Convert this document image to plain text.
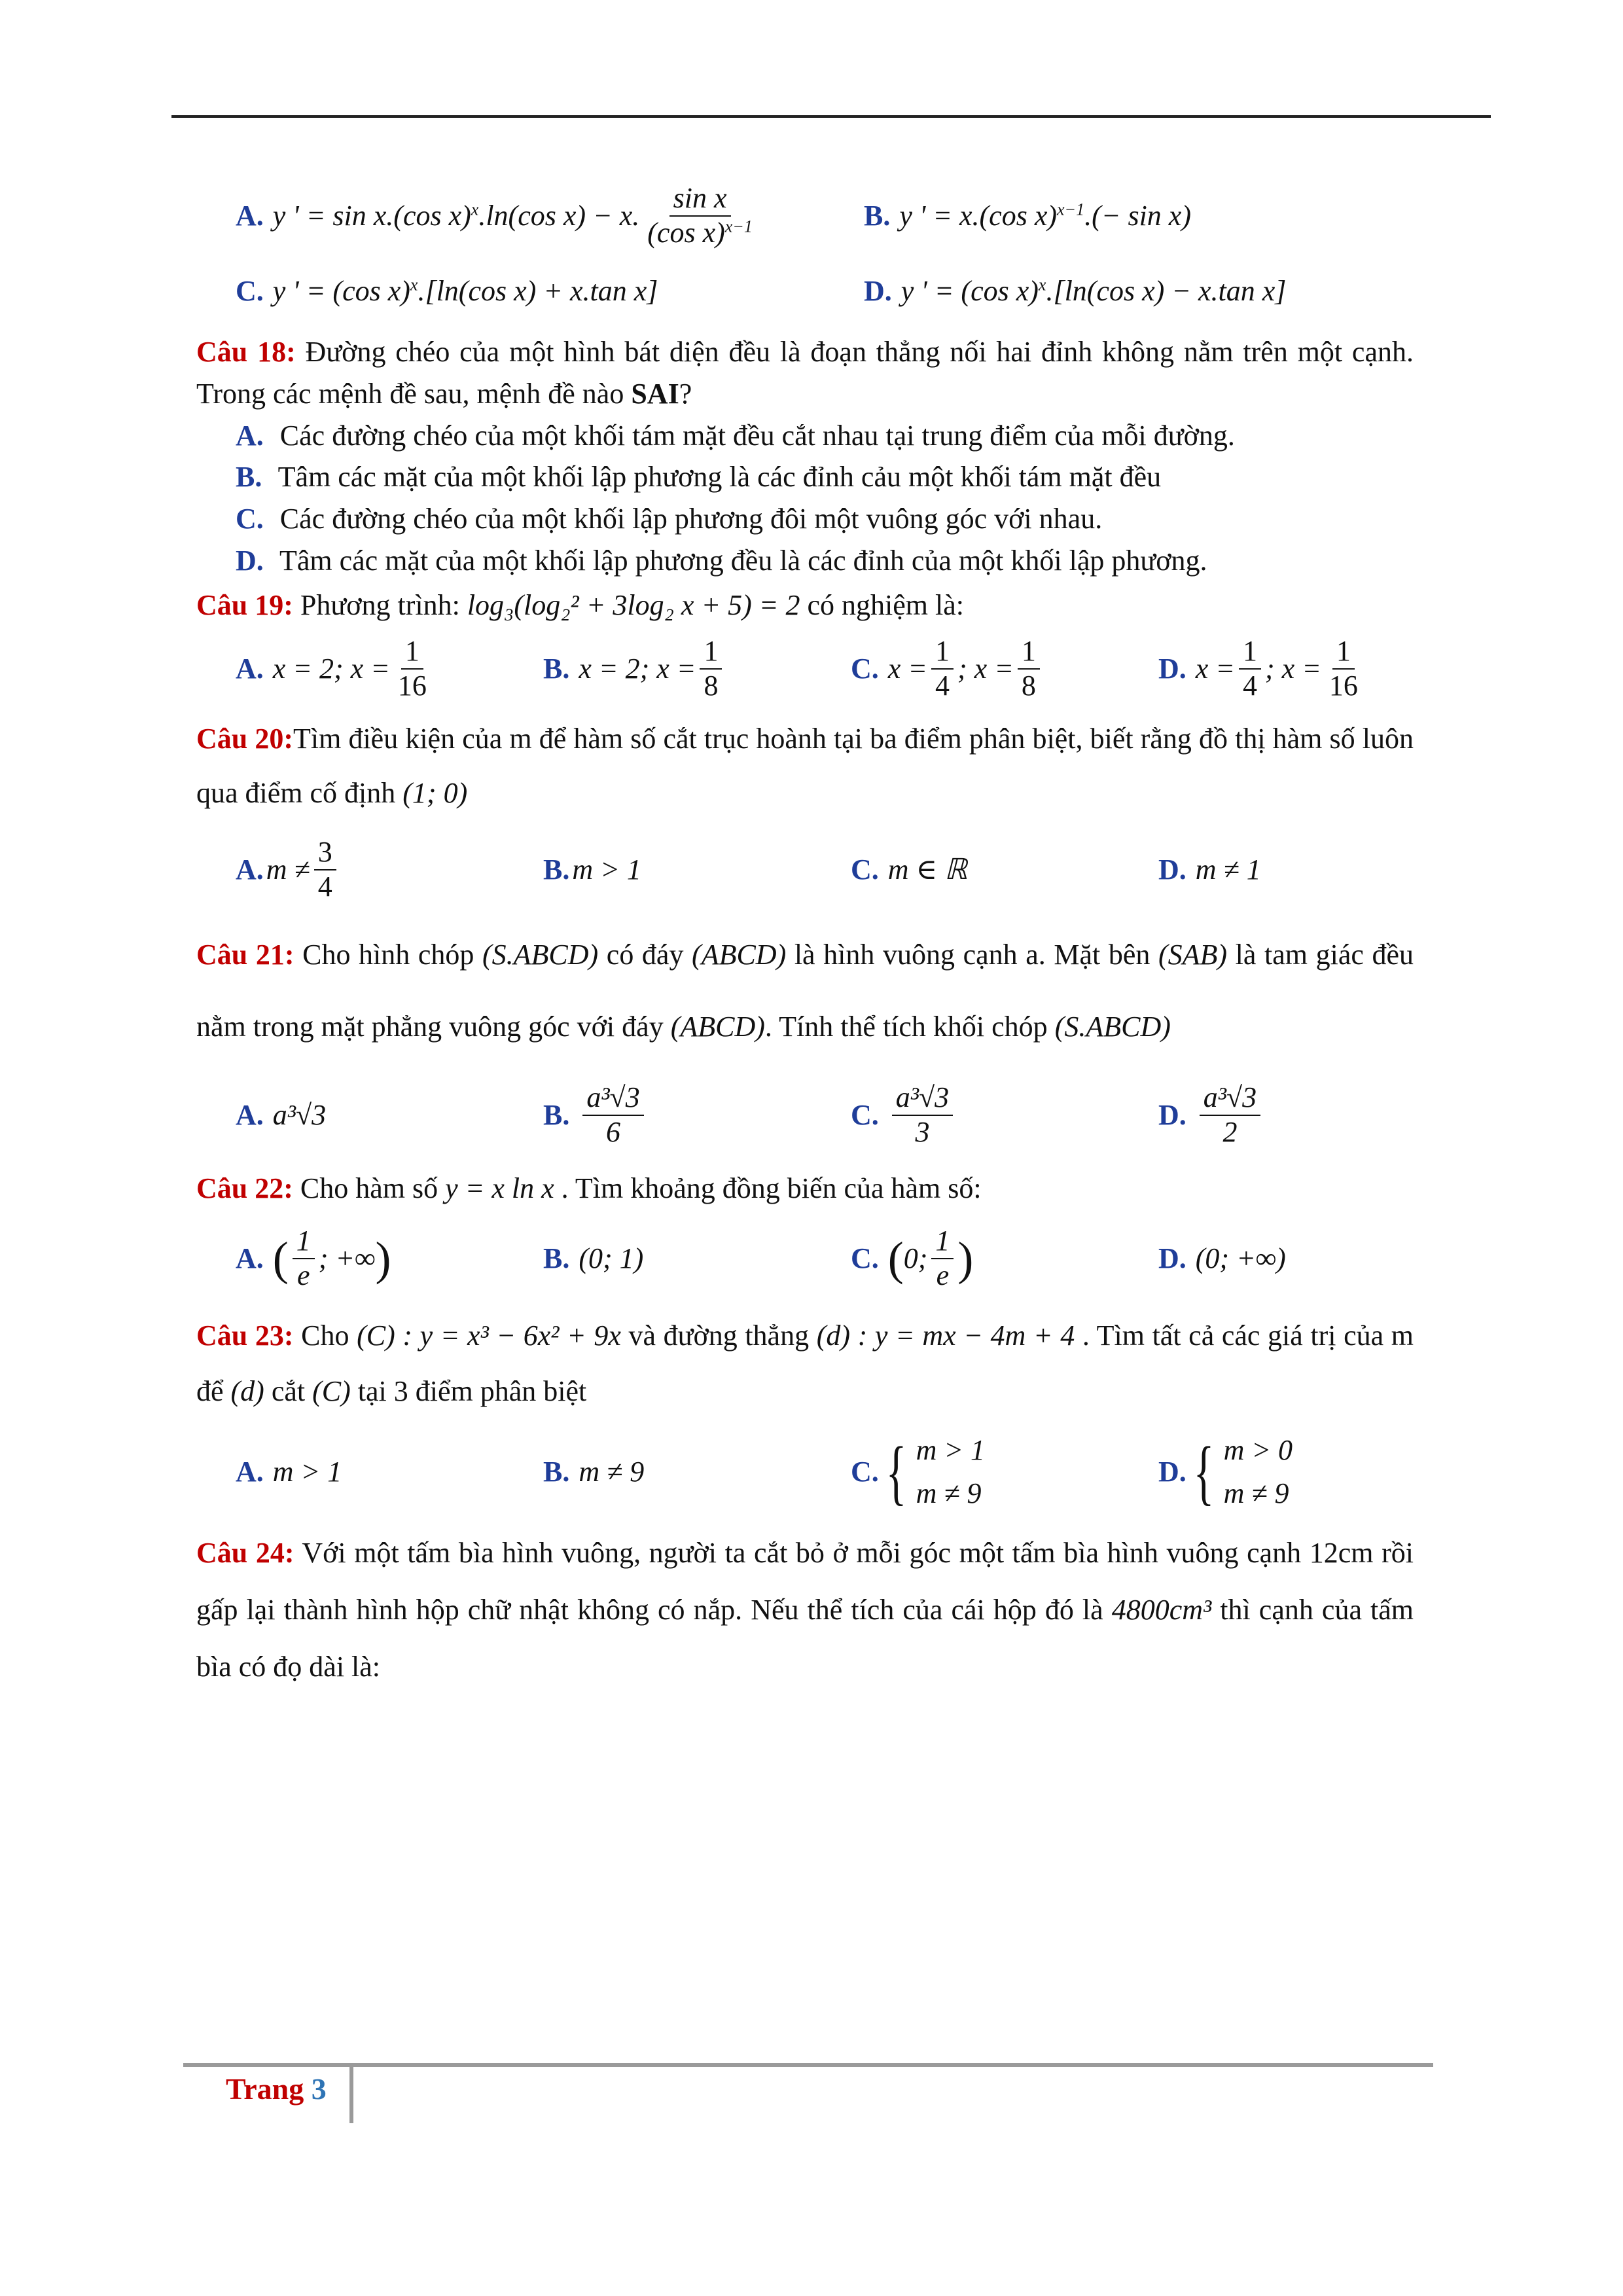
A. y ' = sin x.(cos x)$^x$.ln(cos x) − x. $\frac{\text{sin x}}{(\cos x)^{x-1}}$	B. y ' = x.(cos x)$^{x-1}$.(− sin x)
C. y ' = (cos x)$^x$.[ln(cos x) + x.tan x]	D. y ' = (cos x)$^x$.[ln(cos x) − x.tan x]

Câu 18: Đường chéo của một hình bát diện đều là đoạn thẳng nối hai đỉnh không nằm trên một cạnh. Trong các mệnh đề sau, mệnh đề nào SAI?

A. Các đường chéo của một khối tám mặt đều cắt nhau tại trung điểm của mỗi đường.

B. Tâm các mặt của một khối lập phương là các đỉnh cảu một khối tám mặt đều

C. Các đường chéo của một khối lập phương đôi một vuông góc với nhau.

D. Tâm các mặt của một khối lập phương đều là các đỉnh của một khối lập phương.

Câu 19: Phương trình: log₃(log₂² + 3log₂ x + 5) = 2 có nghiệm là:

A. x = 2; $x = \frac{1}{16}$	B. x = 2; $x = \frac{1}{8}$	C. $x = \frac{1}{4}$ ; $x = \frac{1}{8}$	D. $x = \frac{1}{4}$ ; $x = \frac{1}{16}$

Câu 20:Tìm điều kiện của m để hàm số cắt trục hoành tại ba điểm phân biệt, biết rằng đồ thị hàm số luôn qua điểm cố định (1; 0)

A. $m \ne \frac{3}{4}$	B. m > 1	C. m ∈ ℝ	D. m ≠ 1

Câu 21: Cho hình chóp (S.ABCD) có đáy (ABCD) là hình vuông cạnh a. Mặt bên (SAB) là tam giác đều nằm trong mặt phẳng vuông góc với đáy (ABCD). Tính thể tích khối chóp (S.ABCD)

A. a³√3	B. $\frac{\text{a³√3}}{6}$	C. $\frac{\text{a³√3}}{3}$	D. $\frac{\text{a³√3}}{2}$

Câu 22: Cho hàm số y = x ln x . Tìm khoảng đồng biến của hàm số:

A. ( $\frac{1}{e}$ ; +∞ )	B. (0; 1)	C. ( 0; $\frac{1}{e}$ )	D. (0; +∞)

Câu 23: Cho (C) : y = x³ − 6x² + 9x và đường thẳng (d) : y = mx − 4m + 4 . Tìm tất cả các giá trị của m để (d) cắt (C) tại 3 điểm phân biệt

A. m > 1	B. m ≠ 9	C. { m > 1
m ≠ 9
D. { m > 0
m ≠ 9

Câu 24: Với một tấm bìa hình vuông, người ta cắt bỏ ở mỗi góc một tấm bìa hình vuông cạnh 12cm rồi gấp lại thành hình hộp chữ nhật không có nắp. Nếu thể tích của cái hộp đó là 4800cm³ thì cạnh của tấm bìa có đọ dài là:

Trang 3
